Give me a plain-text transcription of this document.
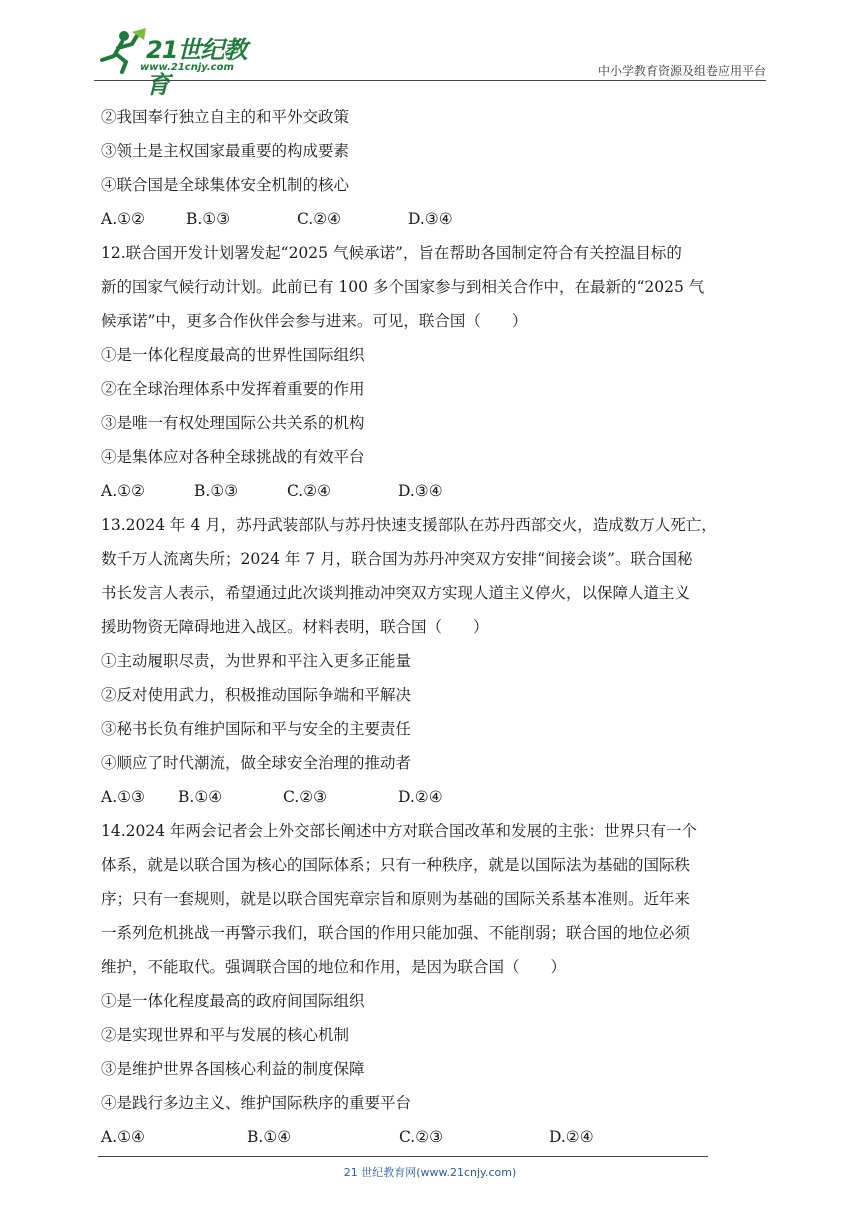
21世纪教育
www.21cnjy.com	中小学教育资源及组卷应用平台
②我国奉行独立自主的和平外交政策
③领土是主权国家最重要的构成要素
④联合国是全球集体安全机制的核心
A.①②	B.①③	C.②④	D.③④
12.联合国开发计划署发起“2025 气候承诺”，旨在帮助各国制定符合有关控温目标的
新的国家气候行动计划。此前已有 100 多个国家参与到相关合作中，在最新的“2025 气
候承诺”中，更多合作伙伴会参与进来。可见，联合国（　　）
①是一体化程度最高的世界性国际组织
②在全球治理体系中发挥着重要的作用
③是唯一有权处理国际公共关系的机构
④是集体应对各种全球挑战的有效平台
A.①②	B.①③	C.②④	D.③④
13.2024 年 4 月，苏丹武装部队与苏丹快速支援部队在苏丹西部交火，造成数万人死亡，
数千万人流离失所；2024 年 7 月，联合国为苏丹冲突双方安排“间接会谈”。联合国秘
书长发言人表示，希望通过此次谈判推动冲突双方实现人道主义停火，以保障人道主义
援助物资无障碍地进入战区。材料表明，联合国（　　）
①主动履职尽责，为世界和平注入更多正能量
②反对使用武力，积极推动国际争端和平解决
③秘书长负有维护国际和平与安全的主要责任
④顺应了时代潮流，做全球安全治理的推动者
A.①③	B.①④	C.②③	D.②④
14.2024 年两会记者会上外交部长阐述中方对联合国改革和发展的主张：世界只有一个
体系，就是以联合国为核心的国际体系；只有一种秩序，就是以国际法为基础的国际秩
序；只有一套规则，就是以联合国宪章宗旨和原则为基础的国际关系基本准则。近年来
一系列危机挑战一再警示我们，联合国的作用只能加强、不能削弱；联合国的地位必须
维护，不能取代。强调联合国的地位和作用，是因为联合国（　　）
①是一体化程度最高的政府间国际组织
②是实现世界和平与发展的核心机制
③是维护世界各国核心利益的制度保障
④是践行多边主义、维护国际秩序的重要平台
A.①④	B.①④	C.②③	D.②④
21 世纪教育网(www.21cnjy.com)
